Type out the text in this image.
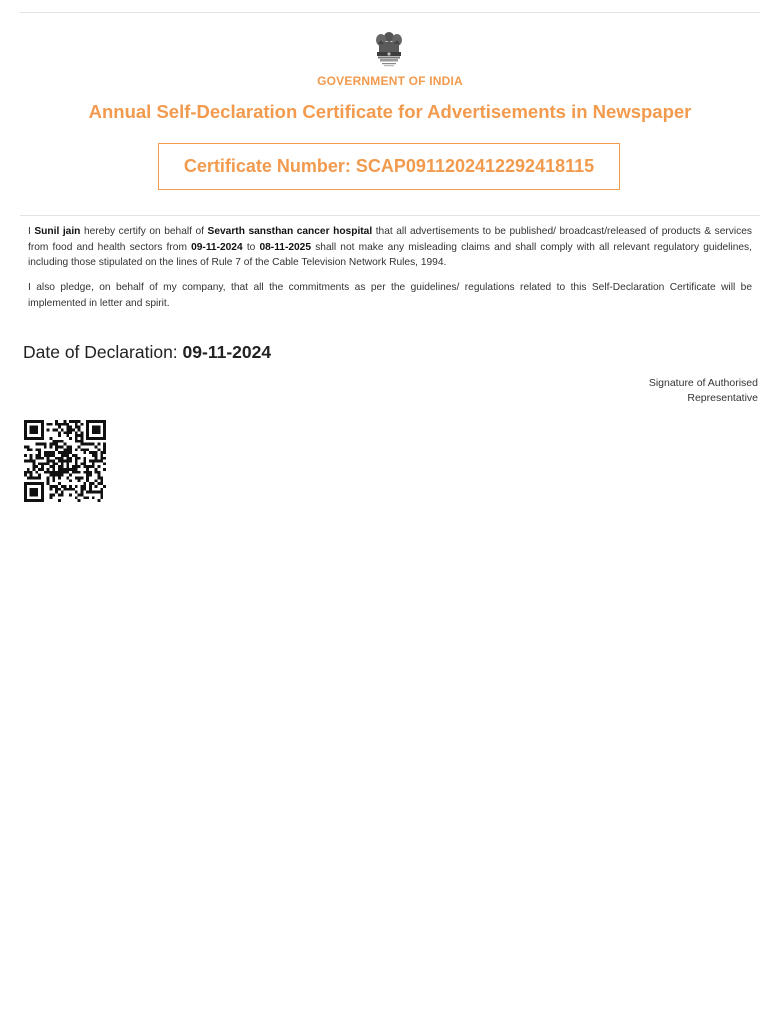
GOVERNMENT OF INDIA
Annual Self-Declaration Certificate for Advertisements in Newspaper
Certificate Number:
SCAP0911202412292418115
I Sunil jain hereby certify on behalf of Sevarth sansthan cancer hospital that all advertisements to be published/ broadcast/released of products & services from food and health sectors from 09-11-2024 to 08-11-2025 shall not make any misleading claims and shall comply with all relevant regulatory guidelines, including those stipulated on the lines of Rule 7 of the Cable Television Network Rules, 1994.
I also pledge, on behalf of my company, that all the commitments as per the guidelines/ regulations related to this Self-Declaration Certificate will be implemented in letter and spirit.
Date of Declaration: 09-11-2024
Signature of Authorised
Representative
